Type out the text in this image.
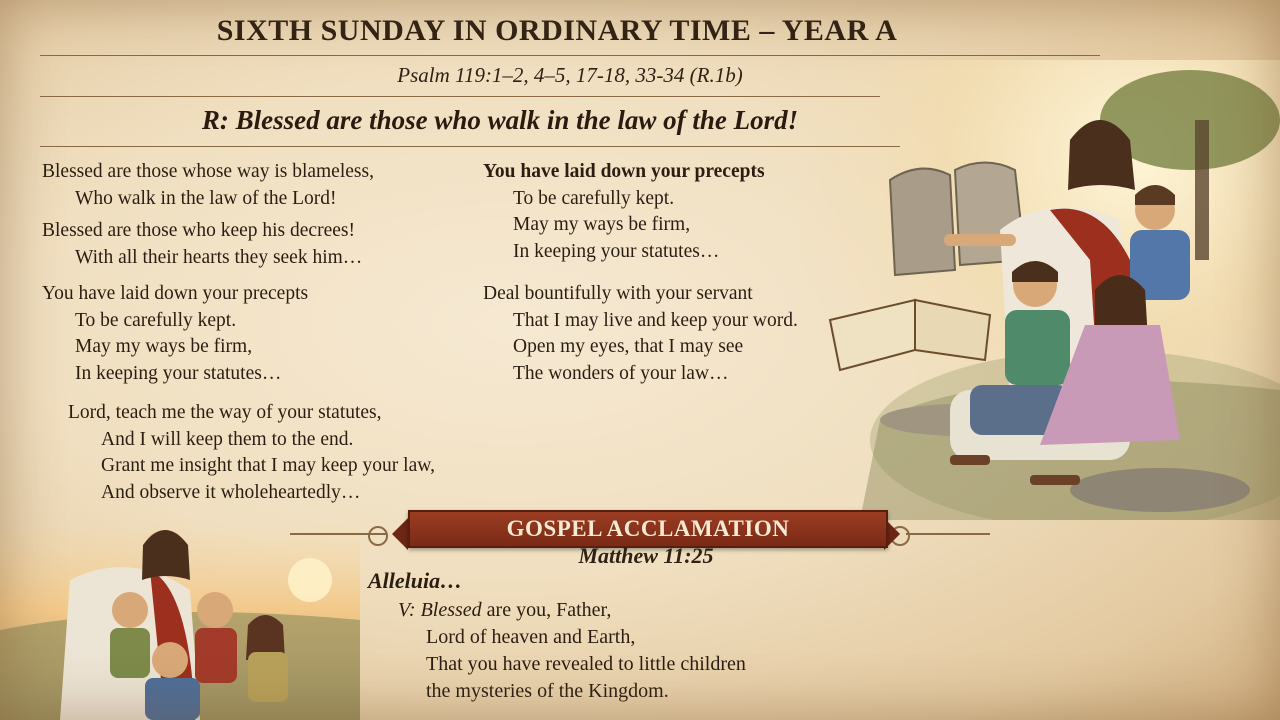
SIXTH SUNDAY IN ORDINARY TIME – YEAR A
Psalm 119:1–2, 4–5, 17-18, 33-34 (R.1b)
R: Blessed are those who walk in the law of the Lord!
Blessed are those whose way is blameless,
Who walk in the law of the Lord!
Blessed are those who keep his decrees!
With all their hearts they seek him…
You have laid down your precepts
To be carefully kept.
May my ways be firm,
In keeping your statutes…
Lord, teach me the way of your statutes,
And I will keep them to the end.
Grant me insight that I may keep your law,
And observe it wholeheartedly…
You have laid down your precepts
To be carefully kept.
May my ways be firm,
In keeping your statutes…
Deal bountifully with your servant
That I may live and keep your word.
Open my eyes, that I may see
The wonders of your law…
GOSPEL ACCLAMATION
Matthew 11:25
Alleluia…
V: Blessed are you, Father,
Lord of heaven and Earth,
That you have revealed to little children
the mysteries of the Kingdom.
